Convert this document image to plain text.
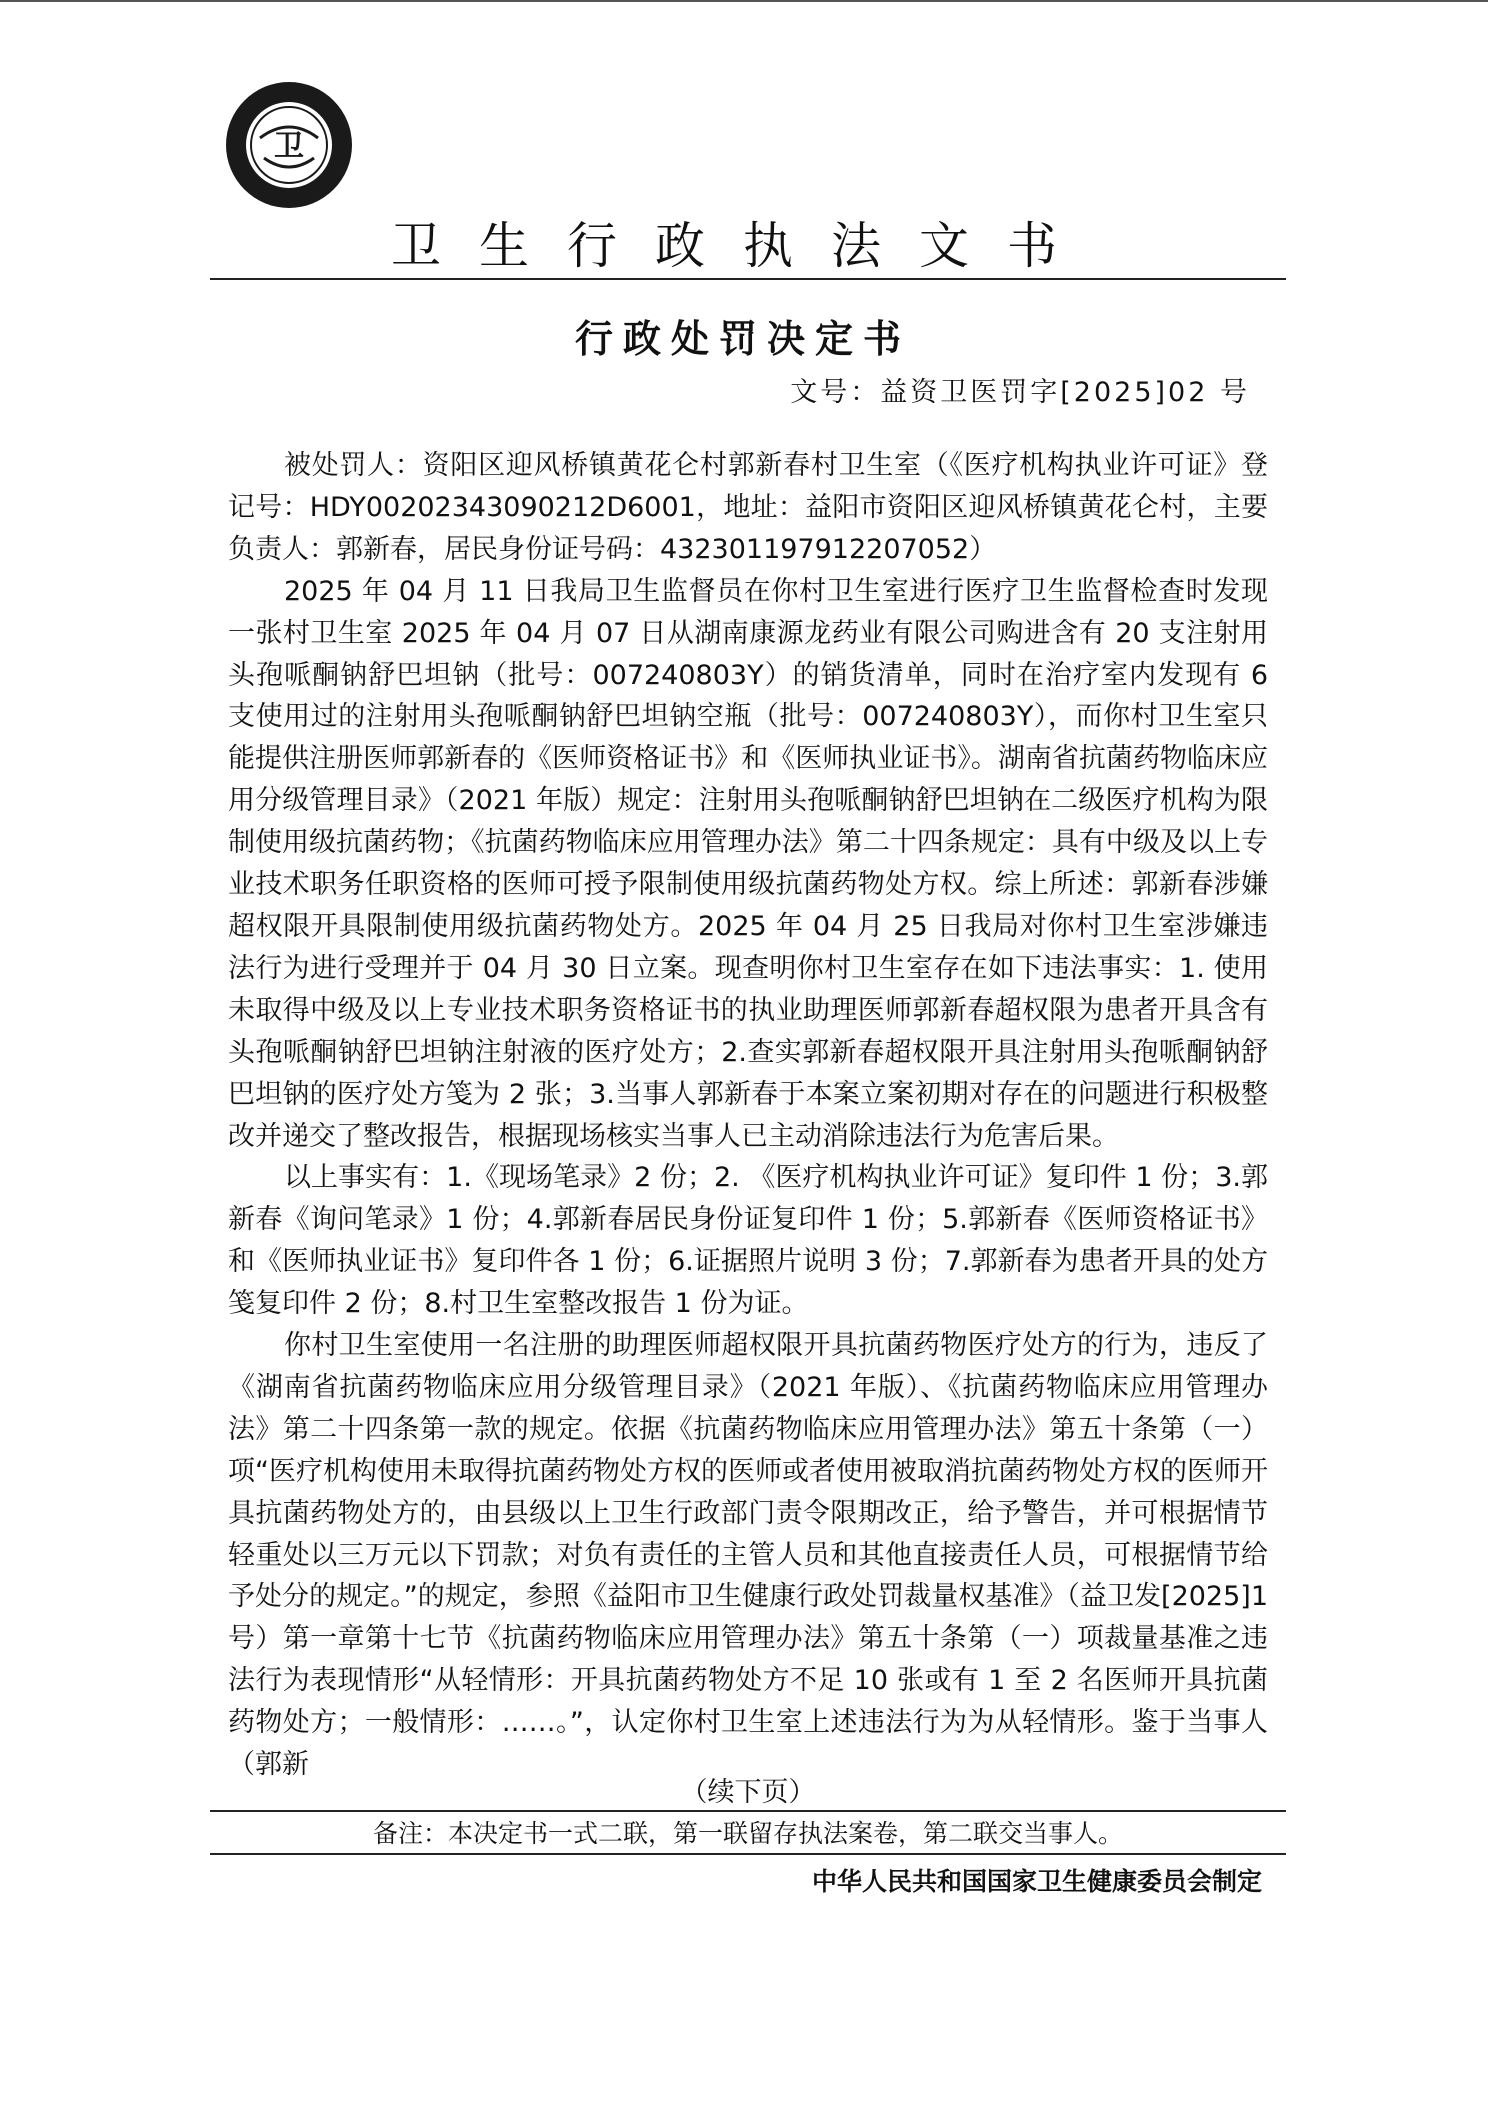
卫
卫生行政执法文书
行政处罚决定书
文号：益资卫医罚字[2025]02 号

被处罚人：资阳区迎风桥镇黄花仑村郭新春村卫生室（《医疗机构执业许可证》登记号：HDY00202343090212D6001，地址：益阳市资阳区迎风桥镇黄花仑村，主要负责人：郭新春，居民身份证号码：432301197912207052）

2025 年 04 月 11 日我局卫生监督员在你村卫生室进行医疗卫生监督检查时发现一张村卫生室 2025 年 04 月 07 日从湖南康源龙药业有限公司购进含有 20 支注射用头孢哌酮钠舒巴坦钠（批号：007240803Y）的销货清单，同时在治疗室内发现有 6 支使用过的注射用头孢哌酮钠舒巴坦钠空瓶（批号：007240803Y），而你村卫生室只能提供注册医师郭新春的《医师资格证书》和《医师执业证书》。湖南省抗菌药物临床应用分级管理目录》（2021 年版）规定：注射用头孢哌酮钠舒巴坦钠在二级医疗机构为限制使用级抗菌药物；《抗菌药物临床应用管理办法》第二十四条规定：具有中级及以上专业技术职务任职资格的医师可授予限制使用级抗菌药物处方权。综上所述：郭新春涉嫌超权限开具限制使用级抗菌药物处方。2025 年 04 月 25 日我局对你村卫生室涉嫌违法行为进行受理并于 04 月 30 日立案。现查明你村卫生室存在如下违法事实：1. 使用未取得中级及以上专业技术职务资格证书的执业助理医师郭新春超权限为患者开具含有头孢哌酮钠舒巴坦钠注射液的医疗处方；2.查实郭新春超权限开具注射用头孢哌酮钠舒巴坦钠的医疗处方笺为 2 张；3.当事人郭新春于本案立案初期对存在的问题进行积极整改并递交了整改报告，根据现场核实当事人已主动消除违法行为危害后果。

以上事实有：1.《现场笔录》2 份；2. 《医疗机构执业许可证》复印件 1 份；3.郭新春《询问笔录》1 份；4.郭新春居民身份证复印件 1 份；5.郭新春《医师资格证书》和《医师执业证书》复印件各 1 份；6.证据照片说明 3 份；7.郭新春为患者开具的处方笺复印件 2 份；8.村卫生室整改报告 1 份为证。

你村卫生室使用一名注册的助理医师超权限开具抗菌药物医疗处方的行为，违反了《湖南省抗菌药物临床应用分级管理目录》（2021 年版）、《抗菌药物临床应用管理办法》第二十四条第一款的规定。依据《抗菌药物临床应用管理办法》第五十条第（一）项“医疗机构使用未取得抗菌药物处方权的医师或者使用被取消抗菌药物处方权的医师开具抗菌药物处方的，由县级以上卫生行政部门责令限期改正，给予警告，并可根据情节轻重处以三万元以下罚款；对负有责任的主管人员和其他直接责任人员，可根据情节给予处分的规定。”的规定，参照《益阳市卫生健康行政处罚裁量权基准》（益卫发[2025]1 号）第一章第十七节《抗菌药物临床应用管理办法》第五十条第（一）项裁量基准之违法行为表现情形“从轻情形：开具抗菌药物处方不足 10 张或有 1 至 2 名医师开具抗菌药物处方；一般情形：……。”，认定你村卫生室上述违法行为为从轻情形。鉴于当事人（郭新

（续下页）
备注：本决定书一式二联，第一联留存执法案卷，第二联交当事人。
中华人民共和国国家卫生健康委员会制定
